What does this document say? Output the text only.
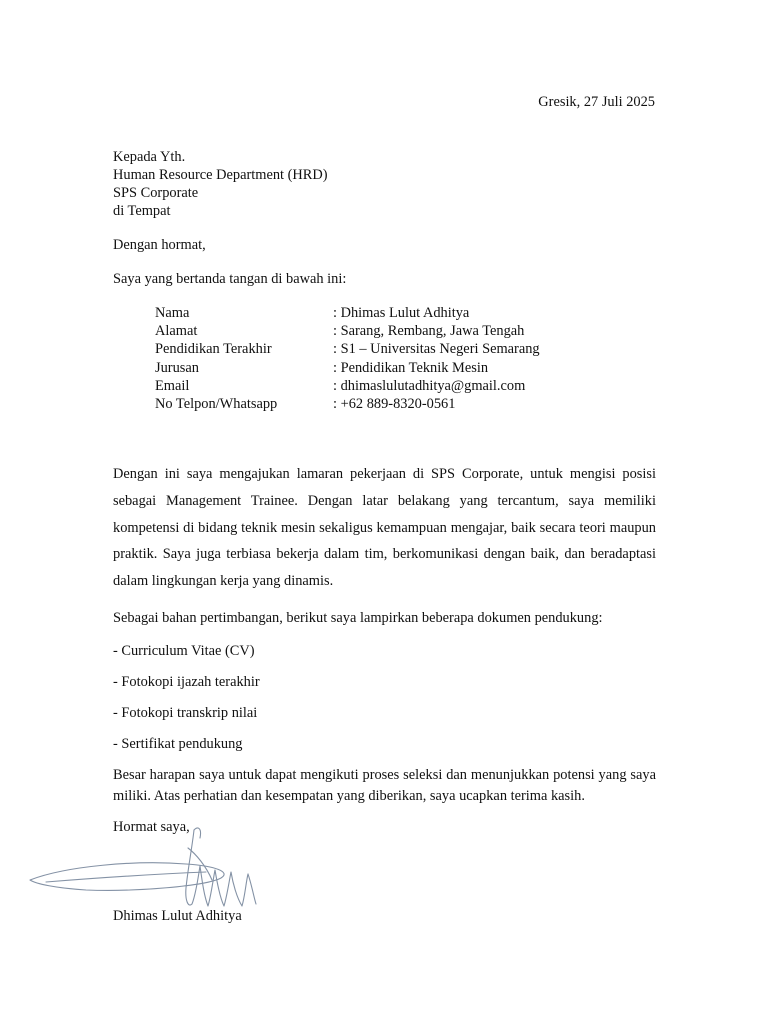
Gresik, 27 Juli 2025
Kepada Yth.
Human Resource Department (HRD)
SPS Corporate
di Tempat
Dengan hormat,
Saya yang bertanda tangan di bawah ini:
Nama	: Dhimas Lulut Adhitya
Alamat	: Sarang, Rembang, Jawa Tengah
Pendidikan Terakhir	: S1 – Universitas Negeri Semarang
Jurusan	: Pendidikan Teknik Mesin
Email	: dhimaslulutadhitya@gmail.com
No Telpon/Whatsapp	: +62 889-8320-0561
Dengan ini saya mengajukan lamaran pekerjaan di SPS Corporate, untuk mengisi posisi sebagai Management Trainee. Dengan latar belakang yang tercantum, saya memiliki kompetensi di bidang teknik mesin sekaligus kemampuan mengajar, baik secara teori maupun praktik. Saya juga terbiasa bekerja dalam tim, berkomunikasi dengan baik, dan beradaptasi dalam lingkungan kerja yang dinamis.
Sebagai bahan pertimbangan, berikut saya lampirkan beberapa dokumen pendukung:
- Curriculum Vitae (CV)
- Fotokopi ijazah terakhir
- Fotokopi transkrip nilai
- Sertifikat pendukung
Besar harapan saya untuk dapat mengikuti proses seleksi dan menunjukkan potensi yang saya miliki. Atas perhatian dan kesempatan yang diberikan, saya ucapkan terima kasih.
Hormat saya,
Dhimas Lulut Adhitya
